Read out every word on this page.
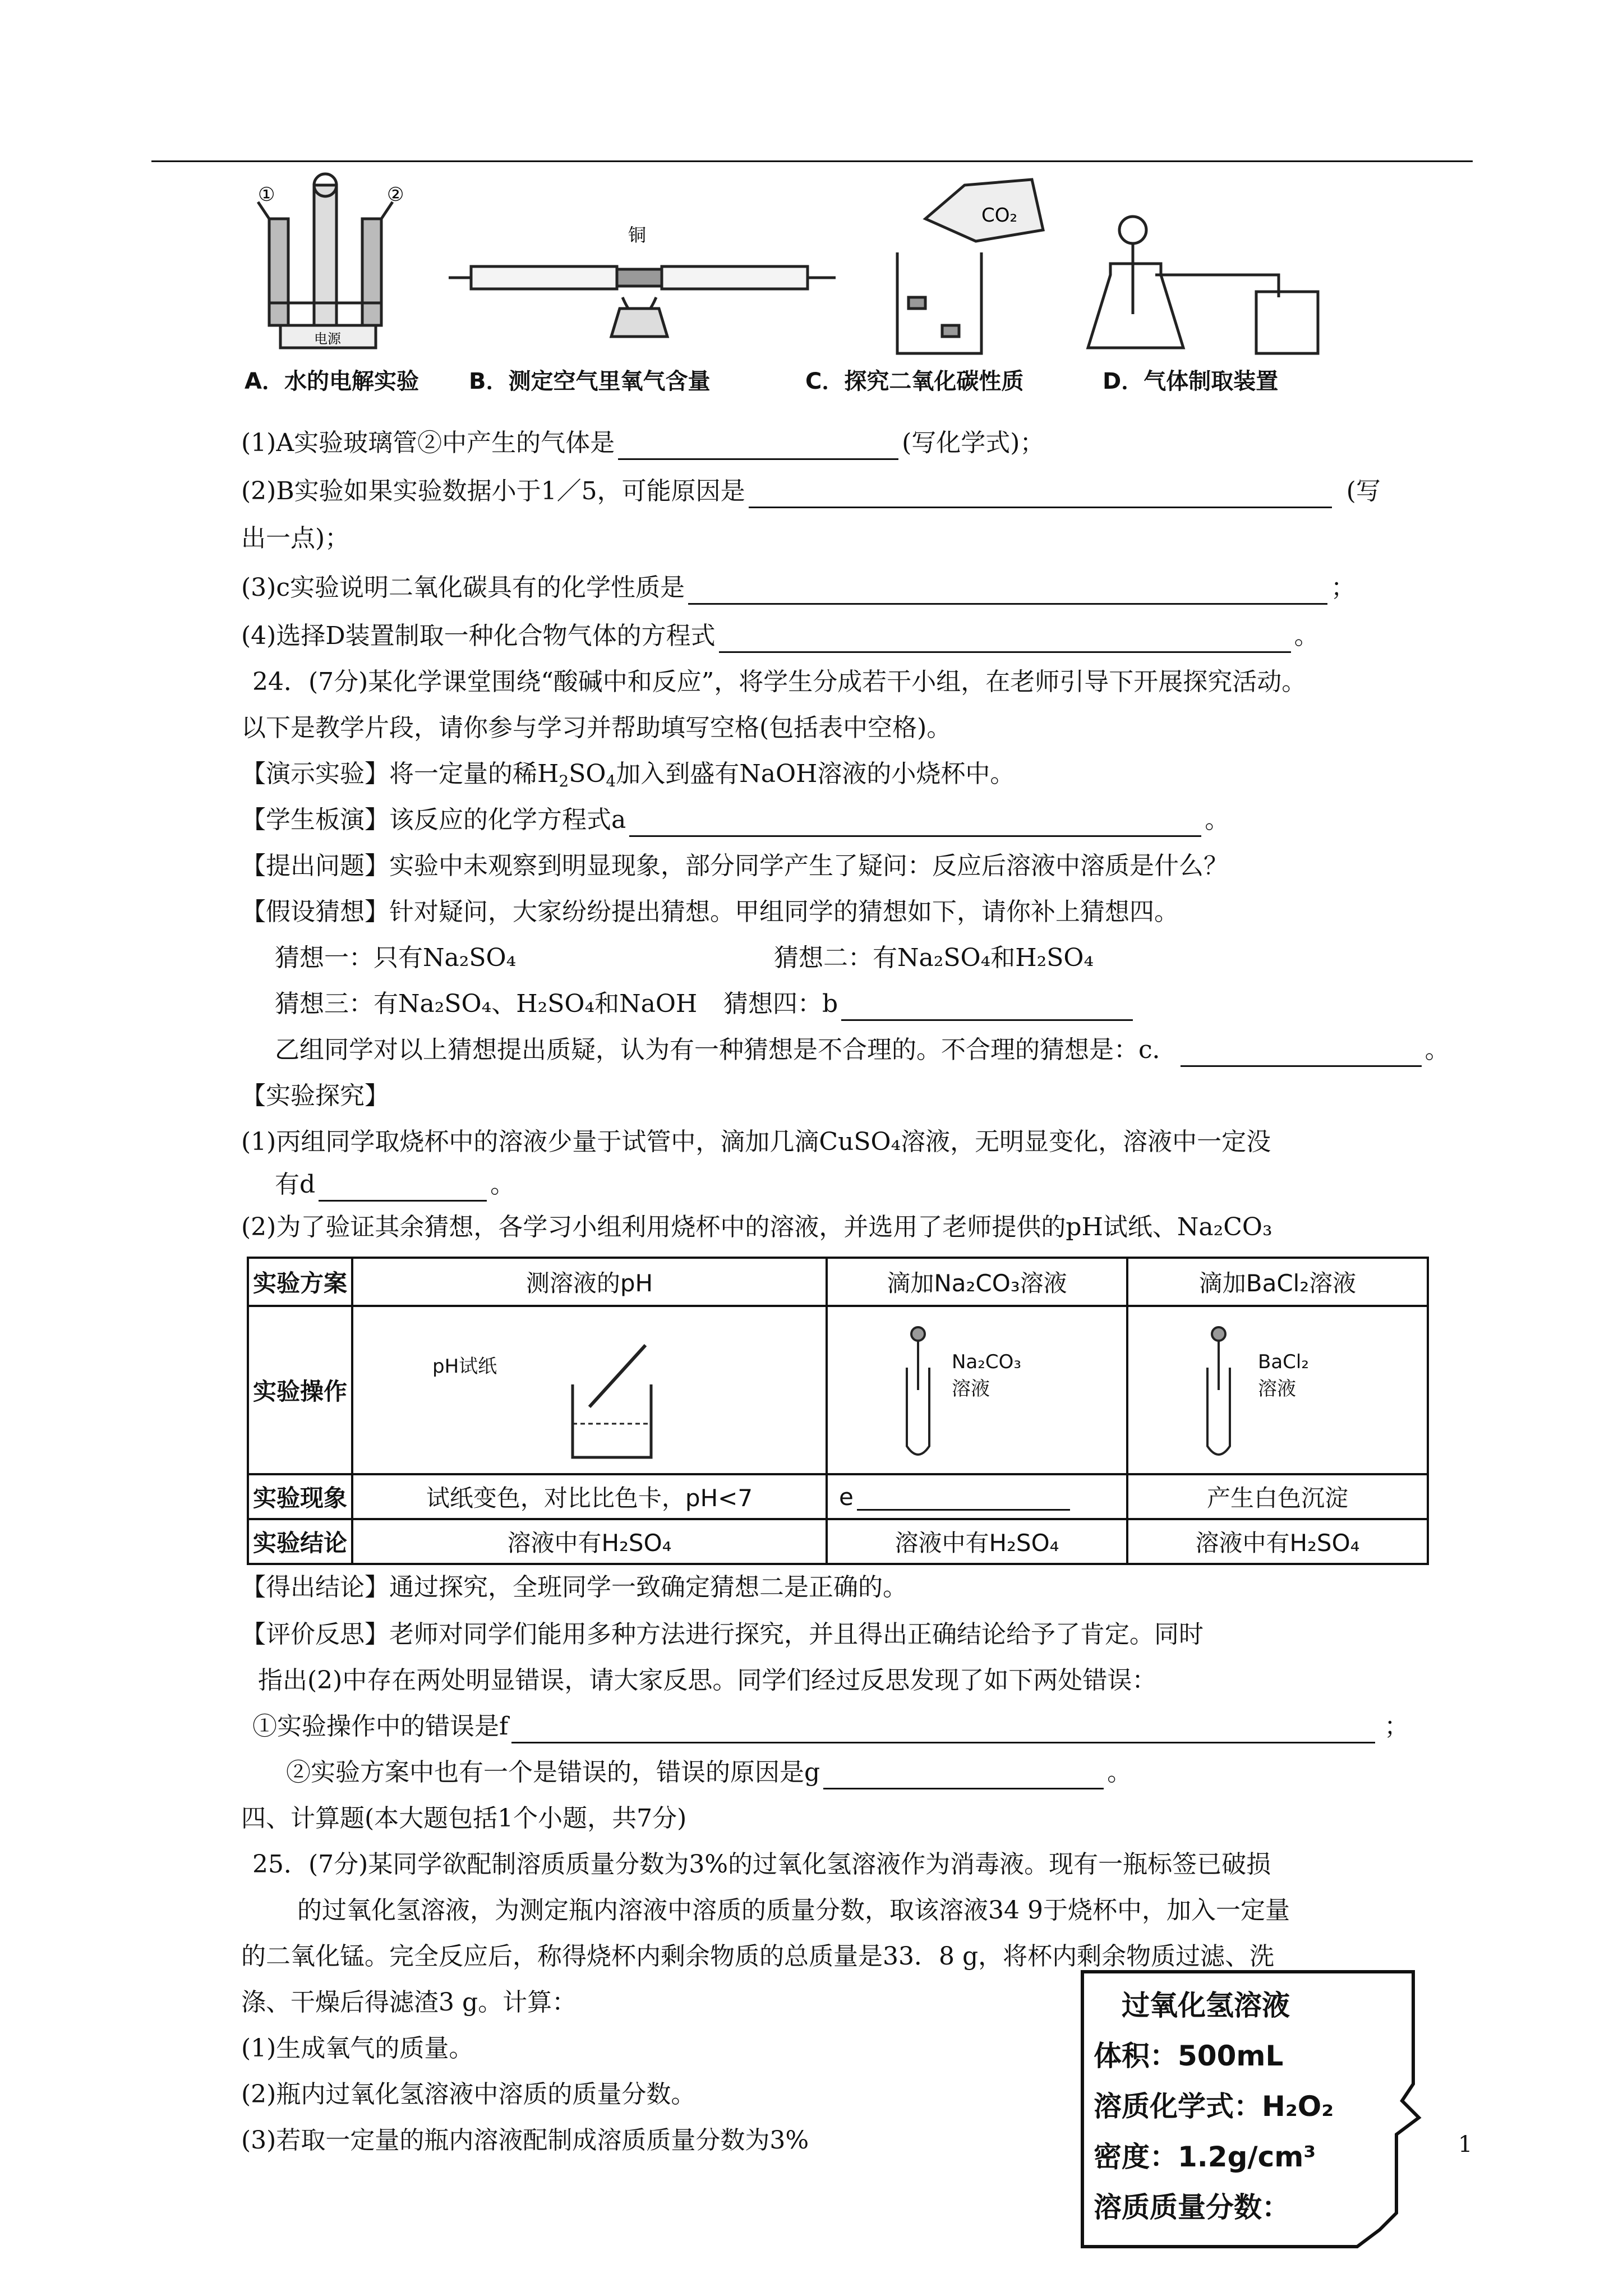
①	②
电源
铜
CO₂
A．水的电解实验 B．测定空气里氧气含量	C．探究二氧化碳性质	D．气体制取装置
(1)A实验玻璃管②中产生的气体是	(写化学式)；
(2)B实验如果实验数据小于1／5，可能原因是	(写
出一点)；
(3)c实验说明二氧化碳具有的化学性质是	；
(4)选择D装置制取一种化合物气体的方程式	。
24．(7分)某化学课堂围绕“酸碱中和反应”，将学生分成若干小组，在老师引导下开展探究活动。
以下是教学片段，请你参与学习并帮助填写空格(包括表中空格)。
【演示实验】将一定量的稀$H_2SO_4$加入到盛有NaOH溶液的小烧杯中。
【学生板演】该反应的化学方程式a	。
【提出问题】实验中未观察到明显现象，部分同学产生了疑问：反应后溶液中溶质是什么？
【假设猜想】针对疑问，大家纷纷提出猜想。甲组同学的猜想如下，请你补上猜想四。
猜想一：只有Na₂SO₄	猜想二：有Na₂SO₄和H₂SO₄
猜想三：有Na₂SO₄、H₂SO₄和NaOH 猜想四：b
乙组同学对以上猜想提出质疑，认为有一种猜想是不合理的。不合理的猜想是：c．	。
【实验探究】
(1)丙组同学取烧杯中的溶液少量于试管中，滴加几滴CuSO₄溶液，无明显变化，溶液中一定没
有d	。
(2)为了验证其余猜想，各学习小组利用烧杯中的溶液，并选用了老师提供的pH试纸、Na₂CO₃
实验方案	测溶液的pH	滴加Na₂CO₃溶液	滴加BaCl₂溶液
实验操作	pH试纸	Na₂CO₃
溶液	BaCl₂
溶液

实验现象	试纸变色，对比比色卡，pH<7	e	产生白色沉淀
实验结论	溶液中有H₂SO₄	溶液中有H₂SO₄	溶液中有H₂SO₄
【得出结论】通过探究，全班同学一致确定猜想二是正确的。
【评价反思】老师对同学们能用多种方法进行探究，并且得出正确结论给予了肯定。同时
指出(2)中存在两处明显错误，请大家反思。同学们经过反思发现了如下两处错误：
①实验操作中的错误是f	；
②实验方案中也有一个是错误的，错误的原因是g	。
四、计算题(本大题包括1个小题，共7分)
25．(7分)某同学欲配制溶质质量分数为3%的过氧化氢溶液作为消毒液。现有一瓶标签已破损
的过氧化氢溶液，为测定瓶内溶液中溶质的质量分数，取该溶液34 9于烧杯中，加入一定量
的二氧化锰。完全反应后，称得烧杯内剩余物质的总质量是33．8 g，将杯内剩余物质过滤、洗
涤、干燥后得滤渣3 g。计算：
(1)生成氧气的质量。
(2)瓶内过氧化氢溶液中溶质的质量分数。
(3)若取一定量的瓶内溶液配制成溶质质量分数为3%
过氧化氢溶液
体积：500mL
溶质化学式：H₂O₂
密度：1.2g/cm³
溶质质量分数：
1
